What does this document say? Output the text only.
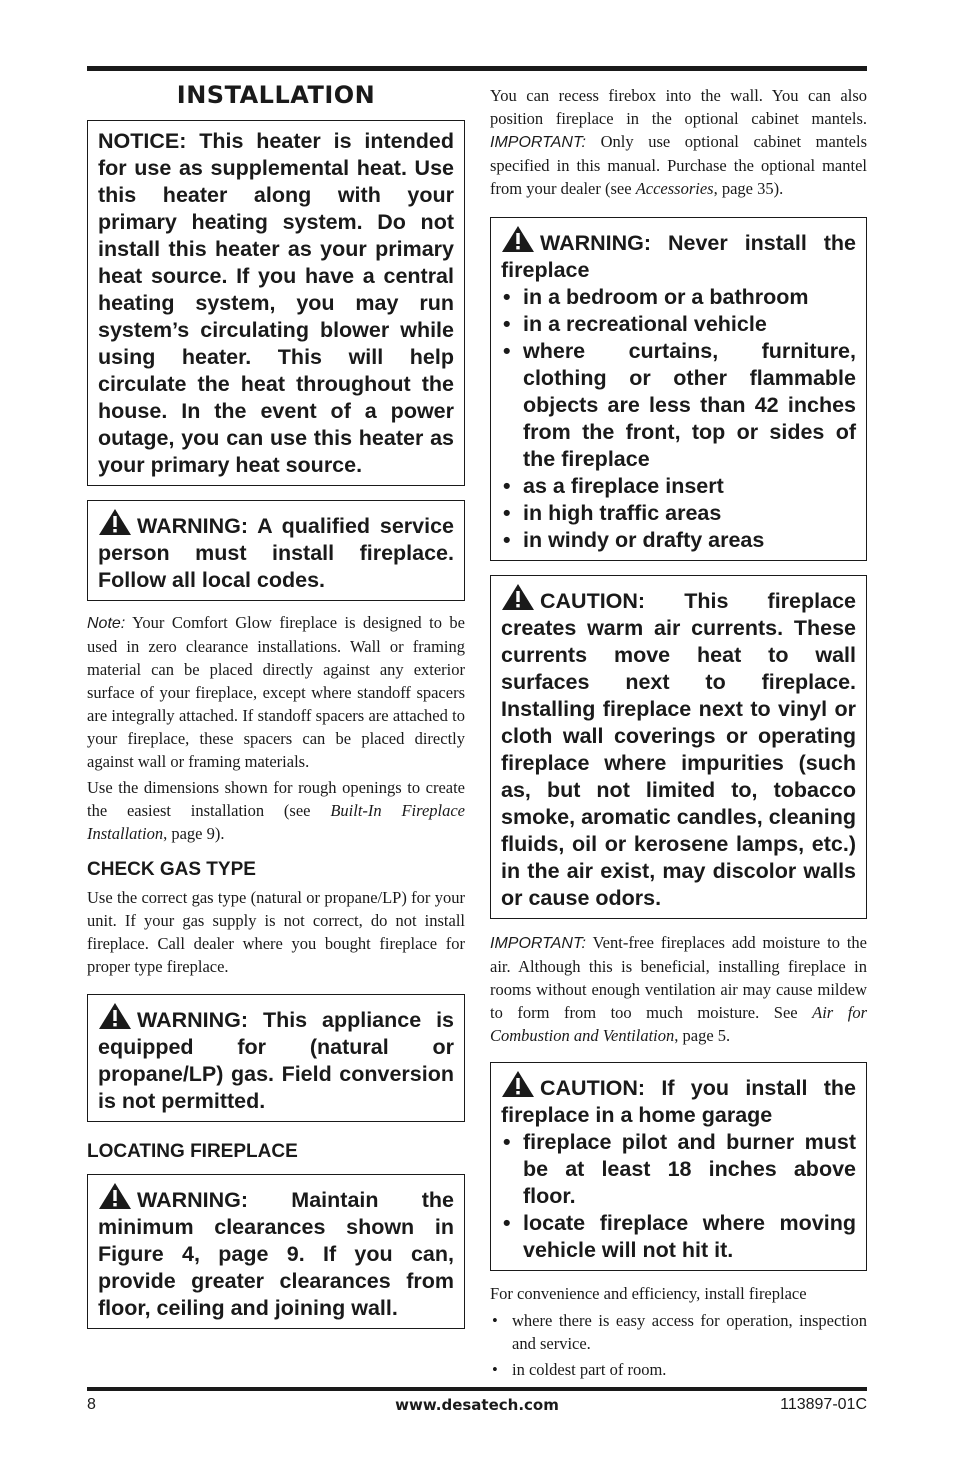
INSTALLATION

NOTICE: This heater is intended for use as supplemental heat. Use this heater along with your primary heating system. Do not install this heater as your primary heat source. If you have a central heating system, you may run system’s circulating blower while using heater. This will help circulate the heat throughout the house. In the event of a power outage, you can use this heater as your primary heat source.

WARNING: A qualified service person must install fireplace. Follow all local codes.

Note: Your Comfort Glow fireplace is designed to be used in zero clearance installations. Wall or framing material can be placed directly against any exterior surface of your fireplace, except where standoff spacers are integrally attached. If standoff spacers are attached to your fireplace, these spacers can be placed directly against wall or framing materials.

Use the dimensions shown for rough openings to create the easiest installation (see Built-In Fireplace Installation, page 9).

CHECK GAS TYPE

Use the correct gas type (natural or propane/LP) for your unit. If your gas supply is not correct, do not install fireplace. Call dealer where you bought fireplace for proper type fireplace.

WARNING: This appliance is equipped for (natural or propane/LP) gas. Field conversion is not permitted.

LOCATING FIREPLACE

WARNING: Maintain the minimum clearances shown in Figure 4, page 9. If you can, provide greater clearances from floor, ceiling and joining wall.

You can recess firebox into the wall. You can also position fireplace in the optional cabinet mantels. IMPORTANT: Only use optional cabinet mantels specified in this manual. Purchase the optional mantel from your dealer (see Accessories, page 35).

WARNING: Never install the fireplace

• in a bedroom or a bathroom
• in a recreational vehicle
• where curtains, furniture, clothing or other flammable objects are less than 42 inches from the front, top or sides of the fireplace
• as a fireplace insert
• in high traffic areas
• in windy or drafty areas

CAUTION: This fireplace creates warm air currents. These currents move heat to wall surfaces next to fireplace. Installing fireplace next to vinyl or cloth wall coverings or operating fireplace where impurities (such as, but not limited to, tobacco smoke, aromatic candles, cleaning fluids, oil or kerosene lamps, etc.) in the air exist, may discolor walls or cause odors.

IMPORTANT: Vent-free fireplaces add moisture to the air. Although this is beneficial, installing fireplace in rooms without enough ventilation air may cause mildew to form from too much moisture. See Air for Combustion and Ventilation, page 5.

CAUTION: If you install the fireplace in a home garage

• fireplace pilot and burner must be at least 18 inches above floor.
• locate fireplace where moving vehicle will not hit it.

For convenience and efficiency, install fireplace

• where there is easy access for operation, inspection and service.
• in coldest part of room.
8	www.desatech.com	113897-01C
